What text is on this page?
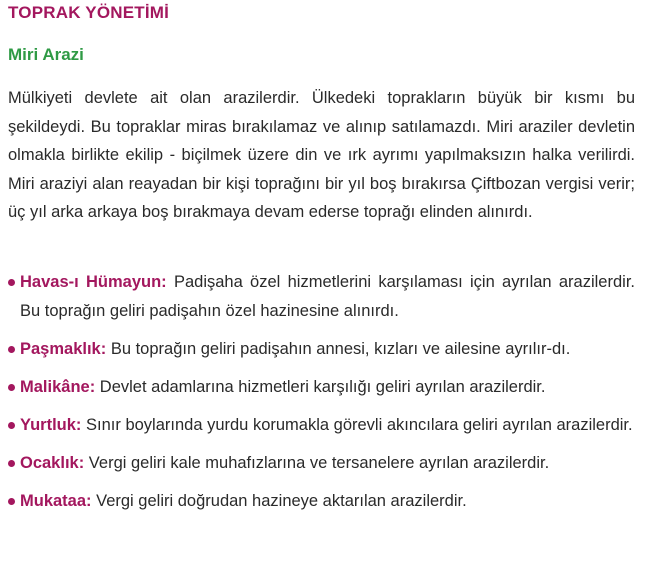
TOPRAK YÖNETİMİ
Miri Arazi

Mülkiyeti devlete ait olan arazilerdir. Ülkedeki toprakların büyük bir kısmı bu şekildeydi. Bu topraklar miras bırakılamaz ve alınıp satılamazdı. Miri araziler devletin olmakla birlikte ekilip - biçilmek üzere din ve ırk ayrımı yapılmaksızın halka verilirdi. Miri araziyi alan reayadan bir kişi toprağını bir yıl boş bırakırsa Çiftbozan vergisi verir; üç yıl arka arkaya boş bırakmaya devam ederse toprağı elinden alınırdı.

Havas-ı Hümayun: Padişaha özel hizmetlerini karşılaması için ayrılan arazilerdir. Bu toprağın geliri padişahın özel hazinesine alınırdı.
Paşmaklık: Bu toprağın geliri padişahın annesi, kızları ve ailesine ayrılır-dı.
Malikâne: Devlet adamlarına hizmetleri karşılığı geliri ayrılan arazilerdir.
Yurtluk: Sınır boylarında yurdu korumakla görevli akıncılara geliri ayrılan arazilerdir.
Ocaklık: Vergi geliri kale muhafızlarına ve tersanelere ayrılan arazilerdir.
Mukataa: Vergi geliri doğrudan hazineye aktarılan arazilerdir.
